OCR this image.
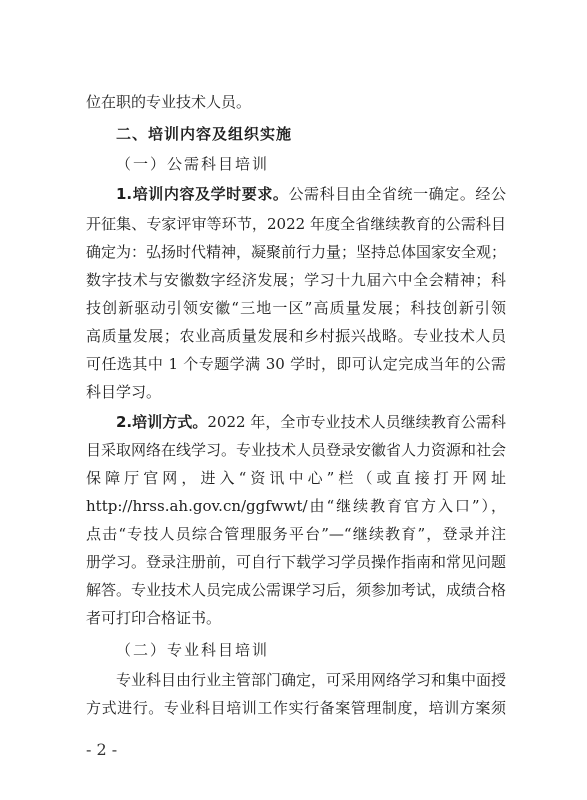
位在职的专业技术人员。
二、培训内容及组织实施
（一）公需科目培训
1.培训内容及学时要求。公需科目由全省统一确定。经公
开征集、专家评审等环节，2022 年度全省继续教育的公需科目
确定为：弘扬时代精神，凝聚前行力量；坚持总体国家安全观；
数字技术与安徽数字经济发展；学习十九届六中全会精神；科
技创新驱动引领安徽“三地一区”高质量发展；科技创新引领
高质量发展；农业高质量发展和乡村振兴战略。专业技术人员
可任选其中 1 个专题学满 30 学时，即可认定完成当年的公需
科目学习。
2.培训方式。2022 年，全市专业技术人员继续教育公需科
目采取网络在线学习。专业技术人员登录安徽省人力资源和社会
保障厅官网，进入“资讯中心”栏（或直接打开网址
http://hrss.ah.gov.cn/ggfwwt/由“继续教育官方入口”），
点击“专技人员综合管理服务平台”—“继续教育”，登录并注
册学习。登录注册前，可自行下载学习学员操作指南和常见问题
解答。专业技术人员完成公需课学习后，须参加考试，成绩合格
者可打印合格证书。
（二）专业科目培训
专业科目由行业主管部门确定，可采用网络学习和集中面授
方式进行。专业科目培训工作实行备案管理制度，培训方案须
- 2 -
